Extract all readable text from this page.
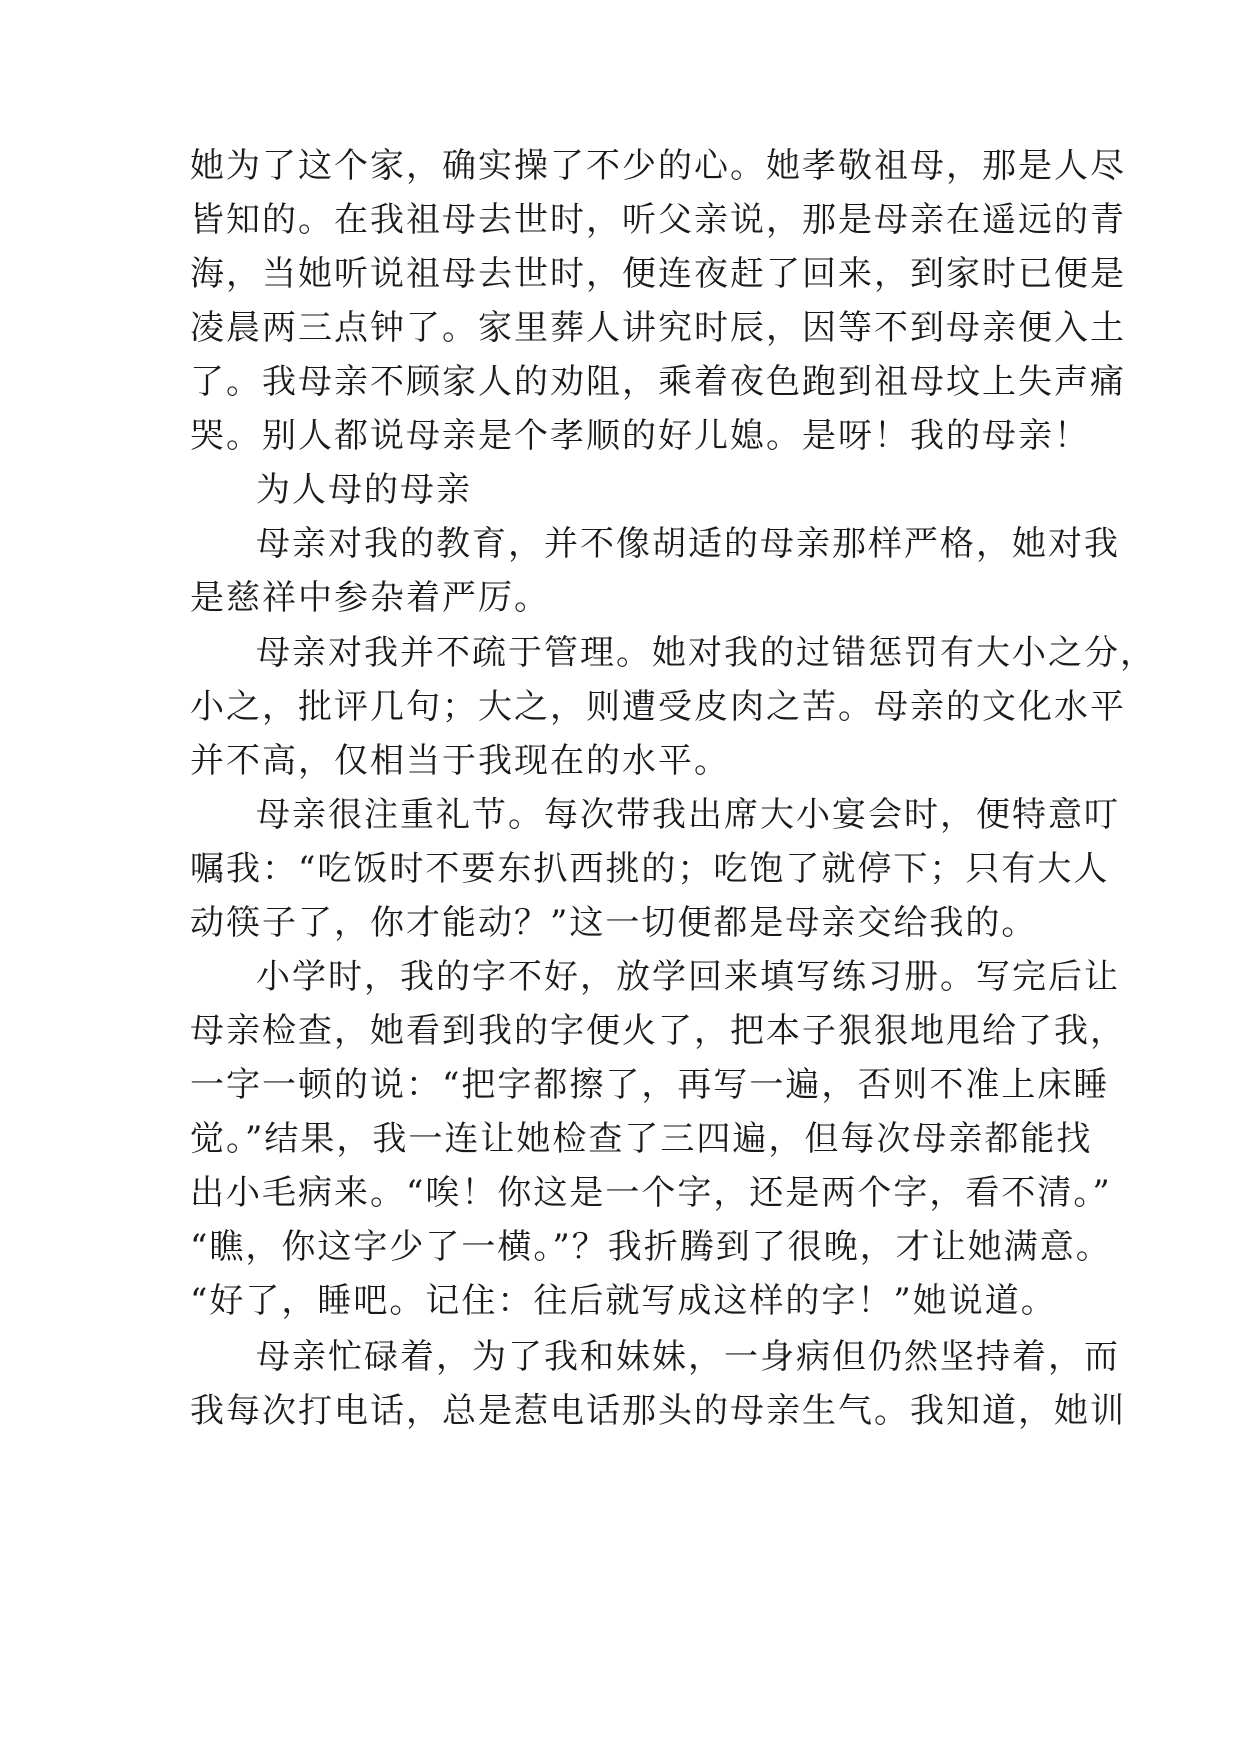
她为了这个家，确实操了不少的心。她孝敬祖母，那是人尽
皆知的。在我祖母去世时，听父亲说，那是母亲在遥远的青
海，当她听说祖母去世时，便连夜赶了回来，到家时已便是
凌晨两三点钟了。家里葬人讲究时辰，因等不到母亲便入土
了。我母亲不顾家人的劝阻，乘着夜色跑到祖母坟上失声痛
哭。别人都说母亲是个孝顺的好儿媳。是呀！我的母亲！
为人母的母亲
母亲对我的教育，并不像胡适的母亲那样严格，她对我
是慈祥中参杂着严厉。
母亲对我并不疏于管理。她对我的过错惩罚有大小之分，
小之，批评几句；大之，则遭受皮肉之苦。母亲的文化水平
并不高，仅相当于我现在的水平。
母亲很注重礼节。每次带我出席大小宴会时，便特意叮
嘱我：“吃饭时不要东扒西挑的；吃饱了就停下；只有大人
动筷子了，你才能动？”这一切便都是母亲交给我的。
小学时，我的字不好，放学回来填写练习册。写完后让
母亲检查，她看到我的字便火了，把本子狠狠地甩给了我，
一字一顿的说：“把字都擦了，再写一遍，否则不准上床睡
觉。”结果，我一连让她检查了三四遍，但每次母亲都能找
出小毛病来。“唉！你这是一个字，还是两个字，看不清。”
“瞧，你这字少了一横。”？我折腾到了很晚，才让她满意。
“好了，睡吧。记住：往后就写成这样的字！”她说道。
母亲忙碌着，为了我和妹妹，一身病但仍然坚持着，而
我每次打电话，总是惹电话那头的母亲生气。我知道，她训
